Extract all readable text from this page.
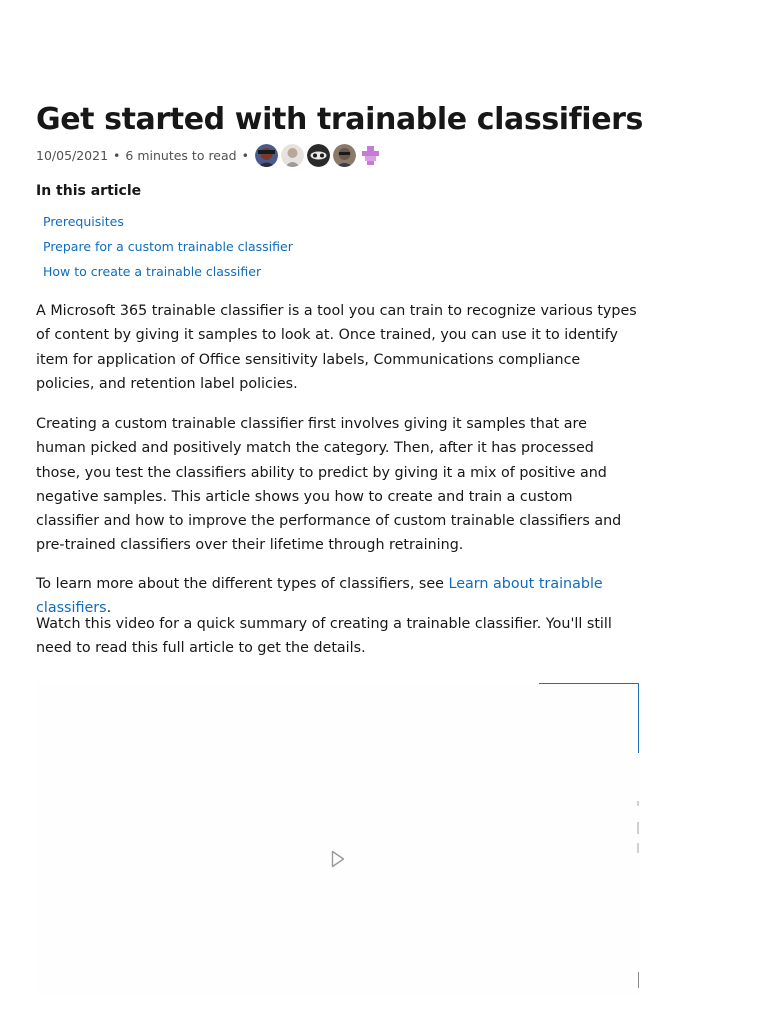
Get started with trainable classifiers
10/05/2021 • 6 minutes to read •
In this article
Prerequisites
Prepare for a custom trainable classifier
How to create a trainable classifier

A Microsoft 365 trainable classifier is a tool you can train to recognize various types of content by giving it samples to look at. Once trained, you can use it to identify item for application of Office sensitivity labels, Communications compliance policies, and retention label policies.

Creating a custom trainable classifier first involves giving it samples that are human picked and positively match the category. Then, after it has processed those, you test the classifiers ability to predict by giving it a mix of positive and negative samples. This article shows you how to create and train a custom classifier and how to improve the performance of custom trainable classifiers and pre-trained classifiers over their lifetime through retraining.

To learn more about the different types of classifiers, see Learn about trainable classifiers.

Watch this video for a quick summary of creating a trainable classifier. You'll still need to read this full article to get the details.
